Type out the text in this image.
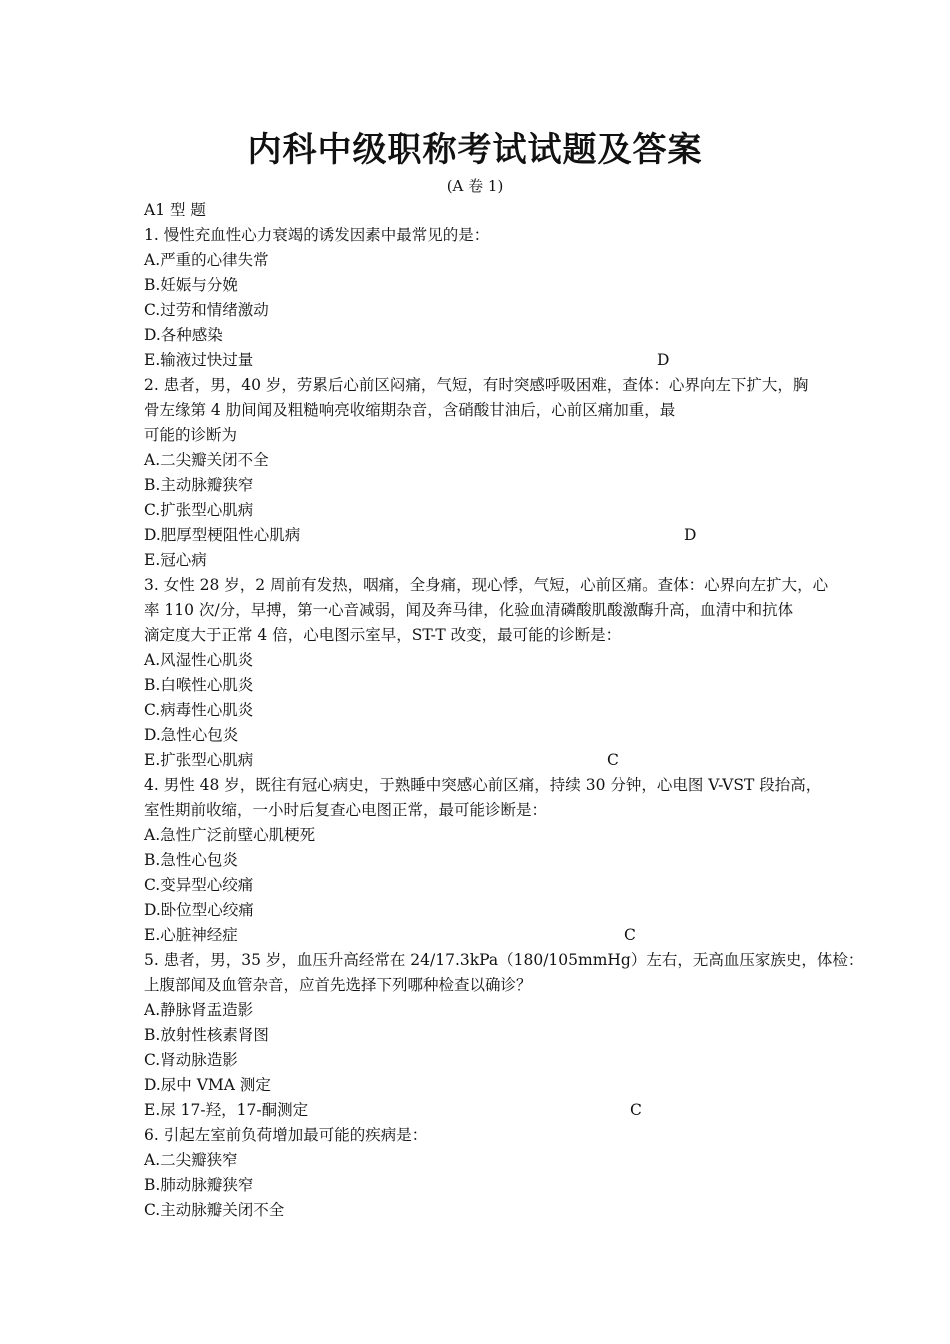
内科中级职称考试试题及答案
(A 卷 1)
A1 型 题
1. 慢性充血性心力衰竭的诱发因素中最常见的是：
A.严重的心律失常
B.妊娠与分娩
C.过劳和情绪激动
D.各种感染
E.输液过快过量	D
2. 患者，男，40 岁，劳累后心前区闷痛，气短，有时突感呼吸困难，查体：心界向左下扩大，胸
骨左缘第 4 肋间闻及粗糙响亮收缩期杂音，含硝酸甘油后，心前区痛加重，最
可能的诊断为
A.二尖瓣关闭不全
B.主动脉瓣狭窄
C.扩张型心肌病
D.肥厚型梗阻性心肌病	D
E.冠心病
3. 女性 28 岁，2 周前有发热，咽痛，全身痛，现心悸，气短，心前区痛。查体：心界向左扩大，心
率 110 次/分，早搏，第一心音减弱，闻及奔马律，化验血清磷酸肌酸激酶升高，血清中和抗体
滴定度大于正常 4 倍，心电图示室早，ST-T 改变，最可能的诊断是：
A.风湿性心肌炎
B.白喉性心肌炎
C.病毒性心肌炎
D.急性心包炎
E.扩张型心肌病	C
4. 男性 48 岁，既往有冠心病史，于熟睡中突感心前区痛，持续 30 分钟，心电图 V-VST 段抬高，
室性期前收缩，一小时后复查心电图正常，最可能诊断是：
A.急性广泛前壁心肌梗死
B.急性心包炎
C.变异型心绞痛
D.卧位型心绞痛
E.心脏神经症	C
5. 患者，男，35 岁，血压升高经常在 24/17.3kPa（180/105mmHg）左右，无高血压家族史，体检：
上腹部闻及血管杂音，应首先选择下列哪种检查以确诊？
A.静脉肾盂造影
B.放射性核素肾图
C.肾动脉造影
D.尿中 VMA 测定
E.尿 17-羟，17-酮测定	C
6. 引起左室前负荷增加最可能的疾病是：
A.二尖瓣狭窄
B.肺动脉瓣狭窄
C.主动脉瓣关闭不全
